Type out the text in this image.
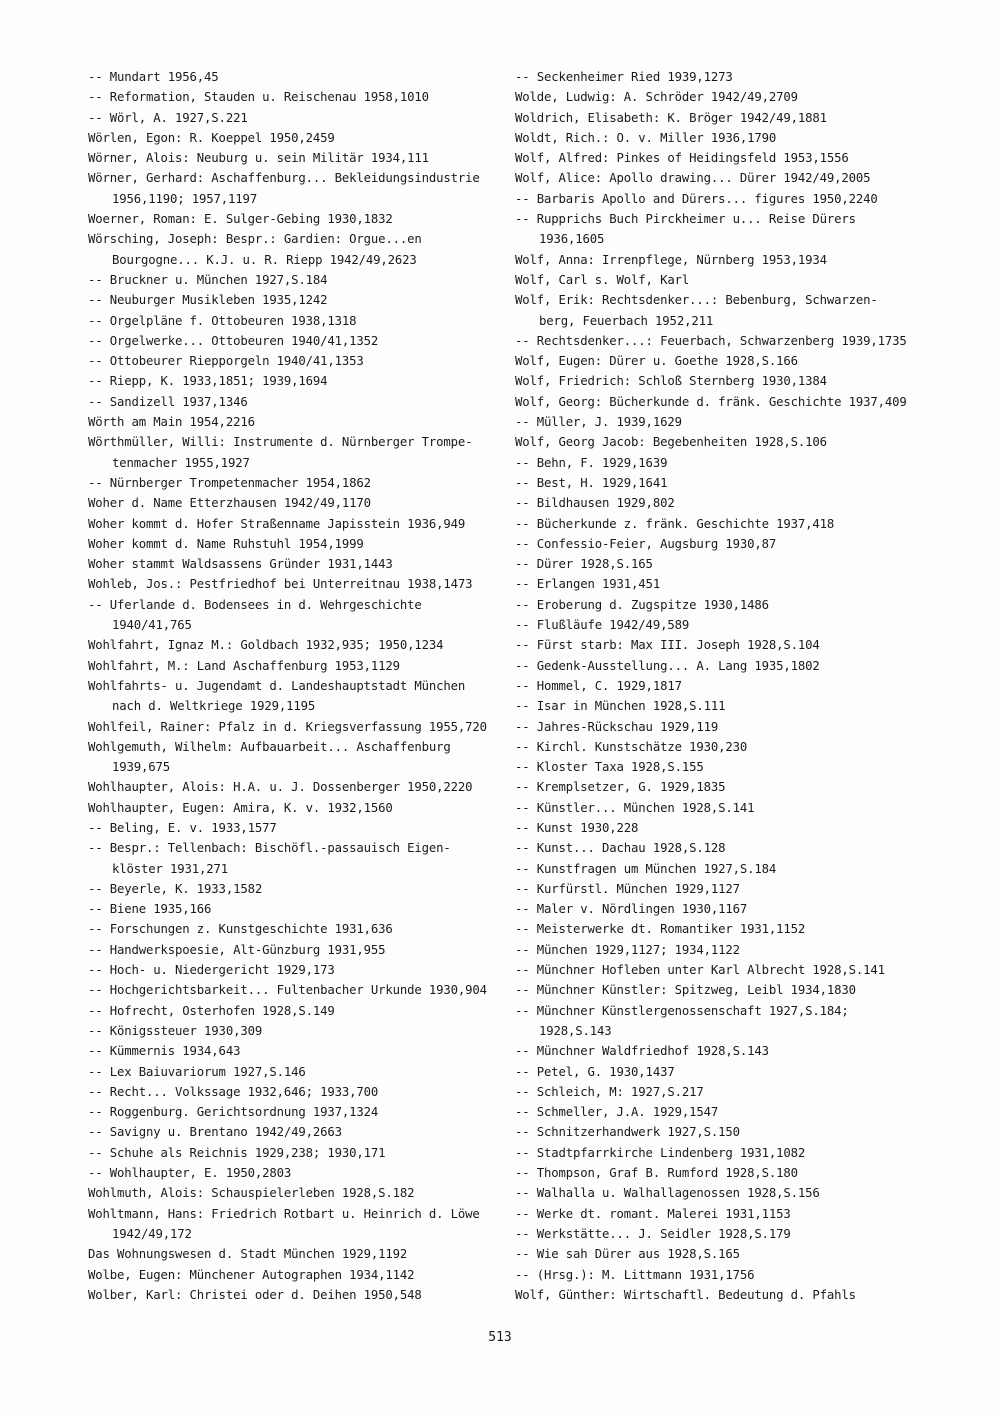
-- Mundart 1956,45
-- Reformation, Stauden u. Reischenau 1958,1010
-- Wörl, A. 1927,S.221
Wörlen, Egon: R. Koeppel 1950,2459
Wörner, Alois: Neuburg u. sein Militär 1934,111
Wörner, Gerhard: Aschaffenburg... Bekleidungsindustrie
1956,1190; 1957,1197
Woerner, Roman: E. Sulger-Gebing 1930,1832
Wörsching, Joseph: Bespr.: Gardien: Orgue...en
Bourgogne... K.J. u. R. Riepp 1942/49,2623
-- Bruckner u. München 1927,S.184
-- Neuburger Musikleben 1935,1242
-- Orgelpläne f. Ottobeuren 1938,1318
-- Orgelwerke... Ottobeuren 1940/41,1352
-- Ottobeurer Riepporgeln 1940/41,1353
-- Riepp, K. 1933,1851; 1939,1694
-- Sandizell 1937,1346
Wörth am Main 1954,2216
Wörthmüller, Willi: Instrumente d. Nürnberger Trompe-
tenmacher 1955,1927
-- Nürnberger Trompetenmacher 1954,1862
Woher d. Name Etterzhausen 1942/49,1170
Woher kommt d. Hofer Straßenname Japisstein 1936,949
Woher kommt d. Name Ruhstuhl 1954,1999
Woher stammt Waldsassens Gründer 1931,1443
Wohleb, Jos.: Pestfriedhof bei Unterreitnau 1938,1473
-- Uferlande d. Bodensees in d. Wehrgeschichte
1940/41,765
Wohlfahrt, Ignaz M.: Goldbach 1932,935; 1950,1234
Wohlfahrt, M.: Land Aschaffenburg 1953,1129
Wohlfahrts- u. Jugendamt d. Landeshauptstadt München
nach d. Weltkriege 1929,1195
Wohlfeil, Rainer: Pfalz in d. Kriegsverfassung 1955,720
Wohlgemuth, Wilhelm: Aufbauarbeit... Aschaffenburg
1939,675
Wohlhaupter, Alois: H.A. u. J. Dossenberger 1950,2220
Wohlhaupter, Eugen: Amira, K. v. 1932,1560
-- Beling, E. v. 1933,1577
-- Bespr.: Tellenbach: Bischöfl.-passauisch Eigen-
klöster 1931,271
-- Beyerle, K. 1933,1582
-- Biene 1935,166
-- Forschungen z. Kunstgeschichte 1931,636
-- Handwerkspoesie, Alt-Günzburg 1931,955
-- Hoch- u. Niedergericht 1929,173
-- Hochgerichtsbarkeit... Fultenbacher Urkunde 1930,904
-- Hofrecht, Osterhofen 1928,S.149
-- Königssteuer 1930,309
-- Kümmernis 1934,643
-- Lex Baiuvariorum 1927,S.146
-- Recht... Volkssage 1932,646; 1933,700
-- Roggenburg. Gerichtsordnung 1937,1324
-- Savigny u. Brentano 1942/49,2663
-- Schuhe als Reichnis 1929,238; 1930,171
-- Wohlhaupter, E. 1950,2803
Wohlmuth, Alois: Schauspielerleben 1928,S.182
Wohltmann, Hans: Friedrich Rotbart u. Heinrich d. Löwe
1942/49,172
Das Wohnungswesen d. Stadt München 1929,1192
Wolbe, Eugen: Münchener Autographen 1934,1142
Wolber, Karl: Christei oder d. Deihen 1950,548
-- Seckenheimer Ried 1939,1273
Wolde, Ludwig: A. Schröder 1942/49,2709
Woldrich, Elisabeth: K. Bröger 1942/49,1881
Woldt, Rich.: O. v. Miller 1936,1790
Wolf, Alfred: Pinkes of Heidingsfeld 1953,1556
Wolf, Alice: Apollo drawing... Dürer 1942/49,2005
-- Barbaris Apollo and Dürers... figures 1950,2240
-- Rupprichs Buch Pirckheimer u... Reise Dürers
1936,1605
Wolf, Anna: Irrenpflege, Nürnberg 1953,1934
Wolf, Carl s. Wolf, Karl
Wolf, Erik: Rechtsdenker...: Bebenburg, Schwarzen-
berg, Feuerbach 1952,211
-- Rechtsdenker...: Feuerbach, Schwarzenberg 1939,1735
Wolf, Eugen: Dürer u. Goethe 1928,S.166
Wolf, Friedrich: Schloß Sternberg 1930,1384
Wolf, Georg: Bücherkunde d. fränk. Geschichte 1937,409
-- Müller, J. 1939,1629
Wolf, Georg Jacob: Begebenheiten 1928,S.106
-- Behn, F. 1929,1639
-- Best, H. 1929,1641
-- Bildhausen 1929,802
-- Bücherkunde z. fränk. Geschichte 1937,418
-- Confessio-Feier, Augsburg 1930,87
-- Dürer 1928,S.165
-- Erlangen 1931,451
-- Eroberung d. Zugspitze 1930,1486
-- Flußläufe 1942/49,589
-- Fürst starb: Max III. Joseph 1928,S.104
-- Gedenk-Ausstellung... A. Lang 1935,1802
-- Hommel, C. 1929,1817
-- Isar in München 1928,S.111
-- Jahres-Rückschau 1929,119
-- Kirchl. Kunstschätze 1930,230
-- Kloster Taxa 1928,S.155
-- Kremplsetzer, G. 1929,1835
-- Künstler... München 1928,S.141
-- Kunst 1930,228
-- Kunst... Dachau 1928,S.128
-- Kunstfragen um München 1927,S.184
-- Kurfürstl. München 1929,1127
-- Maler v. Nördlingen 1930,1167
-- Meisterwerke dt. Romantiker 1931,1152
-- München 1929,1127; 1934,1122
-- Münchner Hofleben unter Karl Albrecht 1928,S.141
-- Münchner Künstler: Spitzweg, Leibl 1934,1830
-- Münchner Künstlergenossenschaft 1927,S.184;
1928,S.143
-- Münchner Waldfriedhof 1928,S.143
-- Petel, G. 1930,1437
-- Schleich, M: 1927,S.217
-- Schmeller, J.A. 1929,1547
-- Schnitzerhandwerk 1927,S.150
-- Stadtpfarrkirche Lindenberg 1931,1082
-- Thompson, Graf B. Rumford 1928,S.180
-- Walhalla u. Walhallagenossen 1928,S.156
-- Werke dt. romant. Malerei 1931,1153
-- Werkstätte... J. Seidler 1928,S.179
-- Wie sah Dürer aus 1928,S.165
-- (Hrsg.): M. Littmann 1931,1756
Wolf, Günther: Wirtschaftl. Bedeutung d. Pfahls
513
